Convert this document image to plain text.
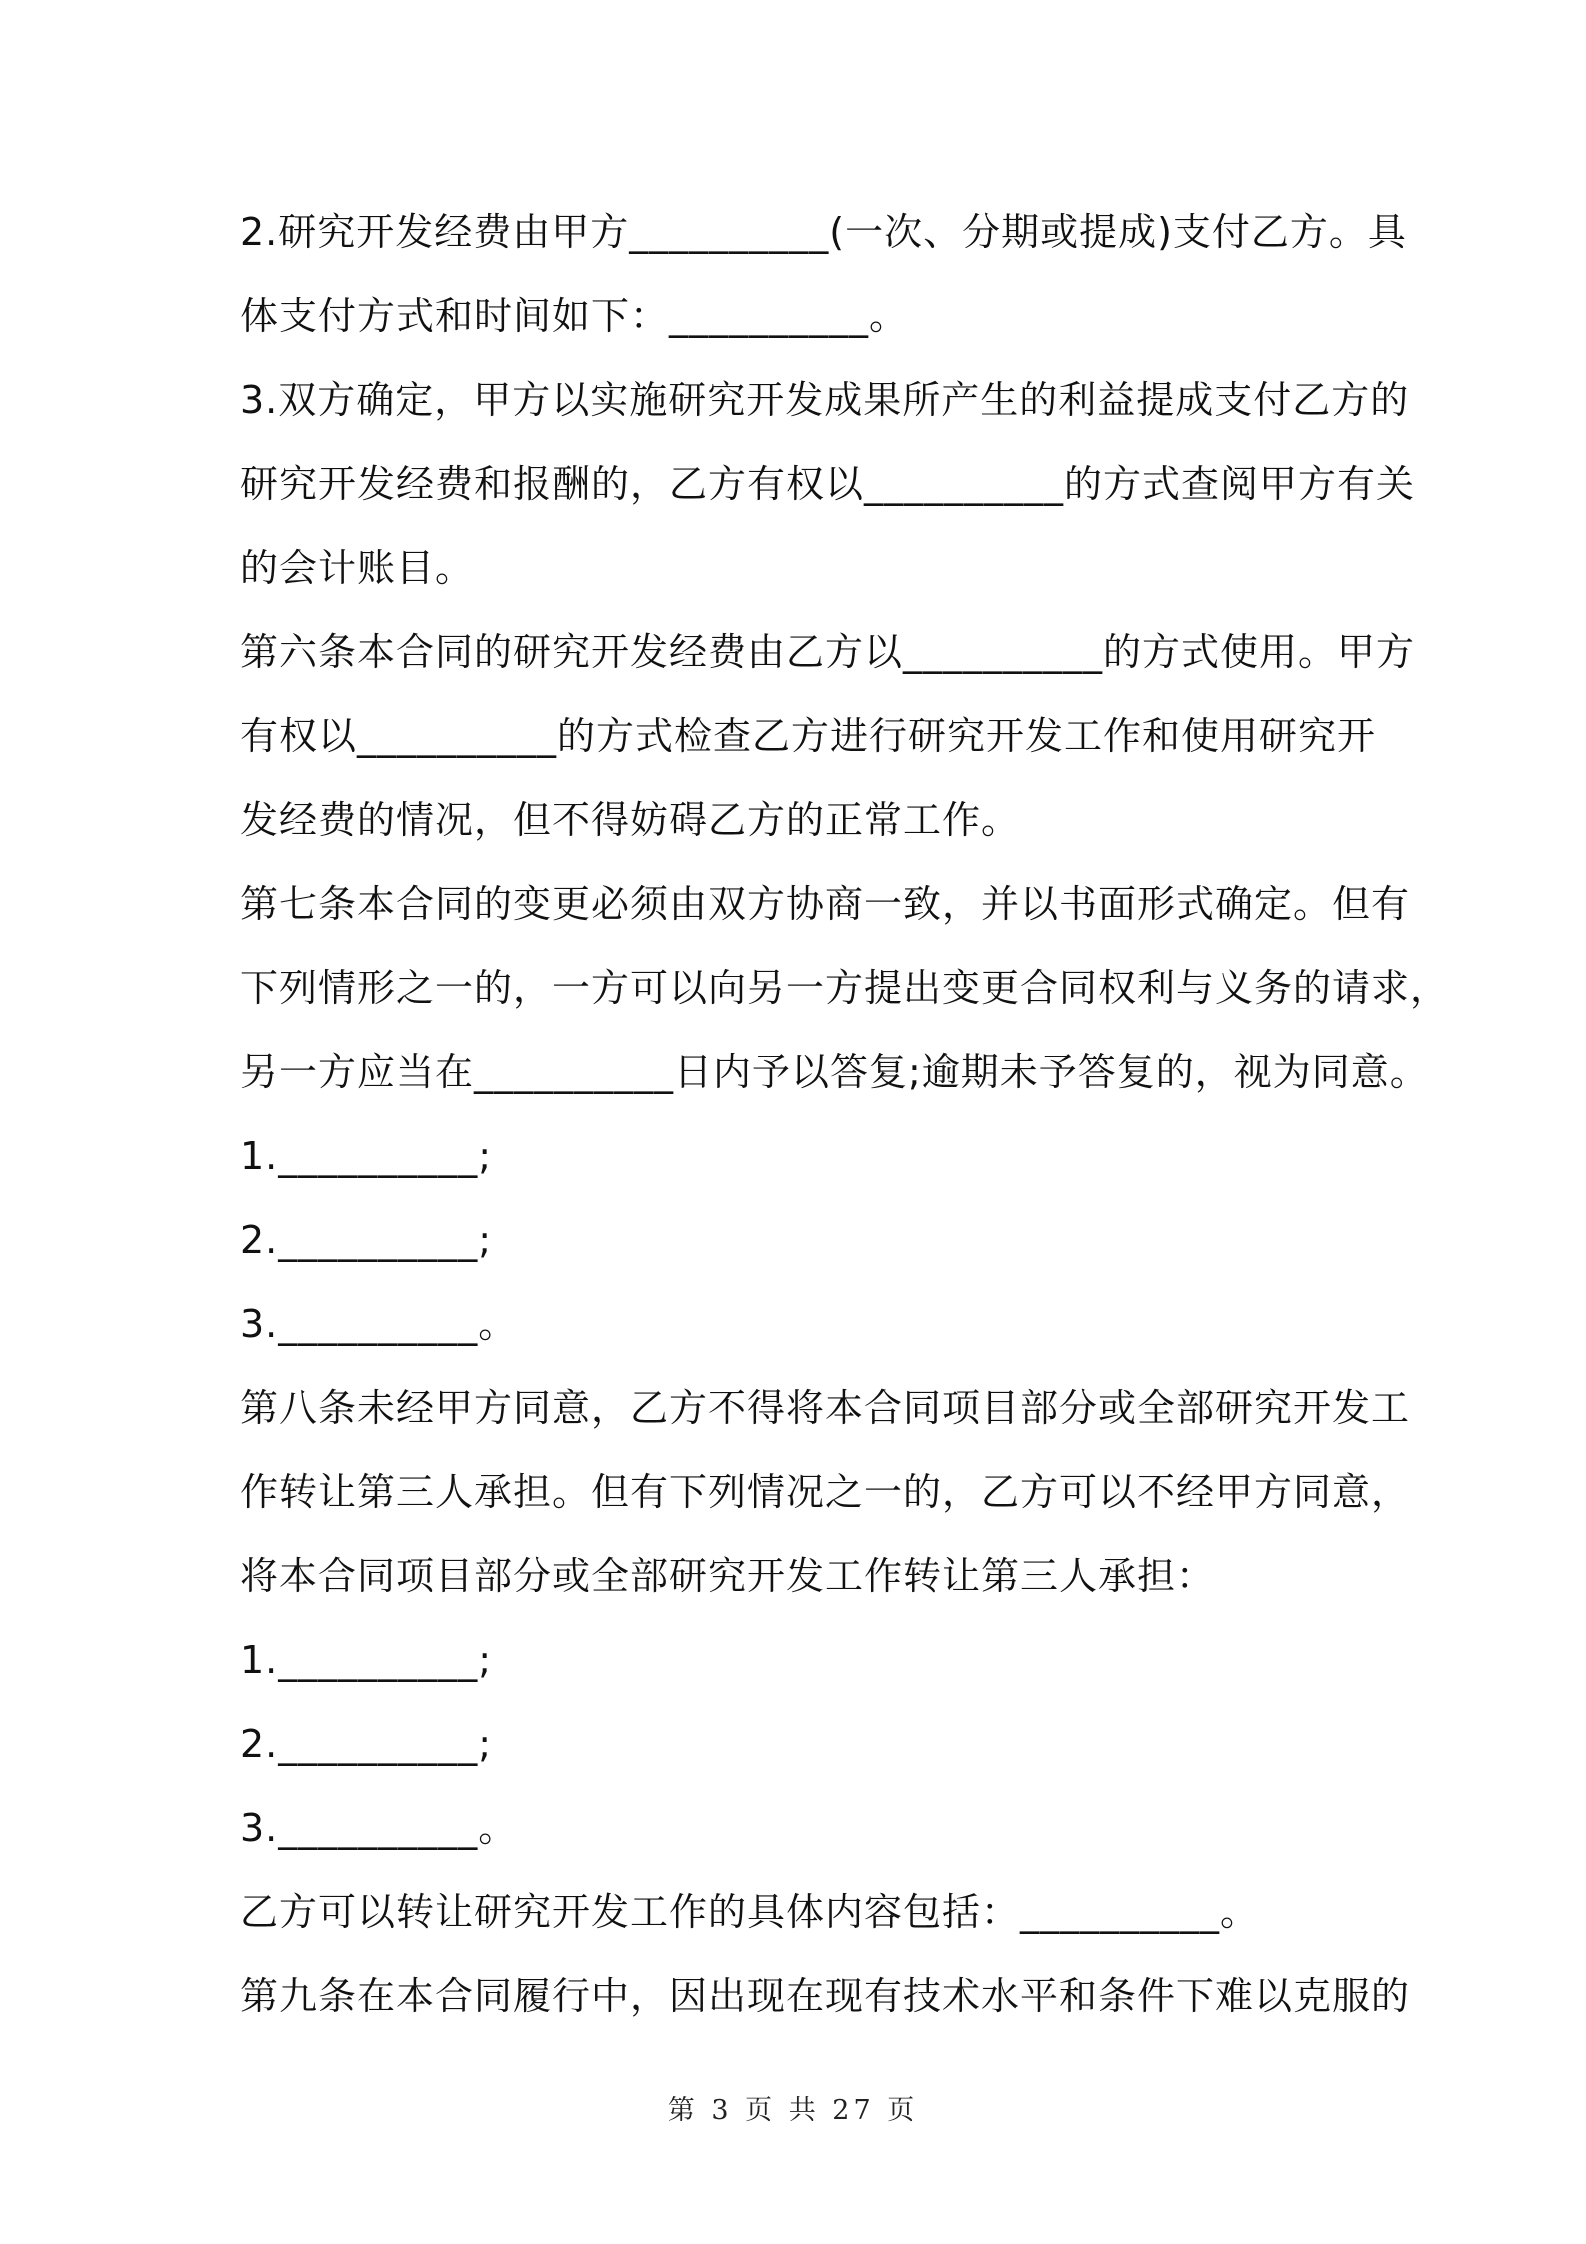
2.研究开发经费由甲方__________(一次、分期或提成)支付乙方。具
体支付方式和时间如下：__________。
3.双方确定，甲方以实施研究开发成果所产生的利益提成支付乙方的
研究开发经费和报酬的，乙方有权以__________的方式查阅甲方有关
的会计账目。
第六条本合同的研究开发经费由乙方以__________的方式使用。甲方
有权以__________的方式检查乙方进行研究开发工作和使用研究开
发经费的情况，但不得妨碍乙方的正常工作。
第七条本合同的变更必须由双方协商一致，并以书面形式确定。但有
下列情形之一的，一方可以向另一方提出变更合同权利与义务的请求，
另一方应当在__________日内予以答复;逾期未予答复的，视为同意。
1.__________;
2.__________;
3.__________。
第八条未经甲方同意，乙方不得将本合同项目部分或全部研究开发工
作转让第三人承担。但有下列情况之一的，乙方可以不经甲方同意，
将本合同项目部分或全部研究开发工作转让第三人承担：
1.__________;
2.__________;
3.__________。
乙方可以转让研究开发工作的具体内容包括：__________。
第九条在本合同履行中，因出现在现有技术水平和条件下难以克服的
第 3 页 共 27 页
